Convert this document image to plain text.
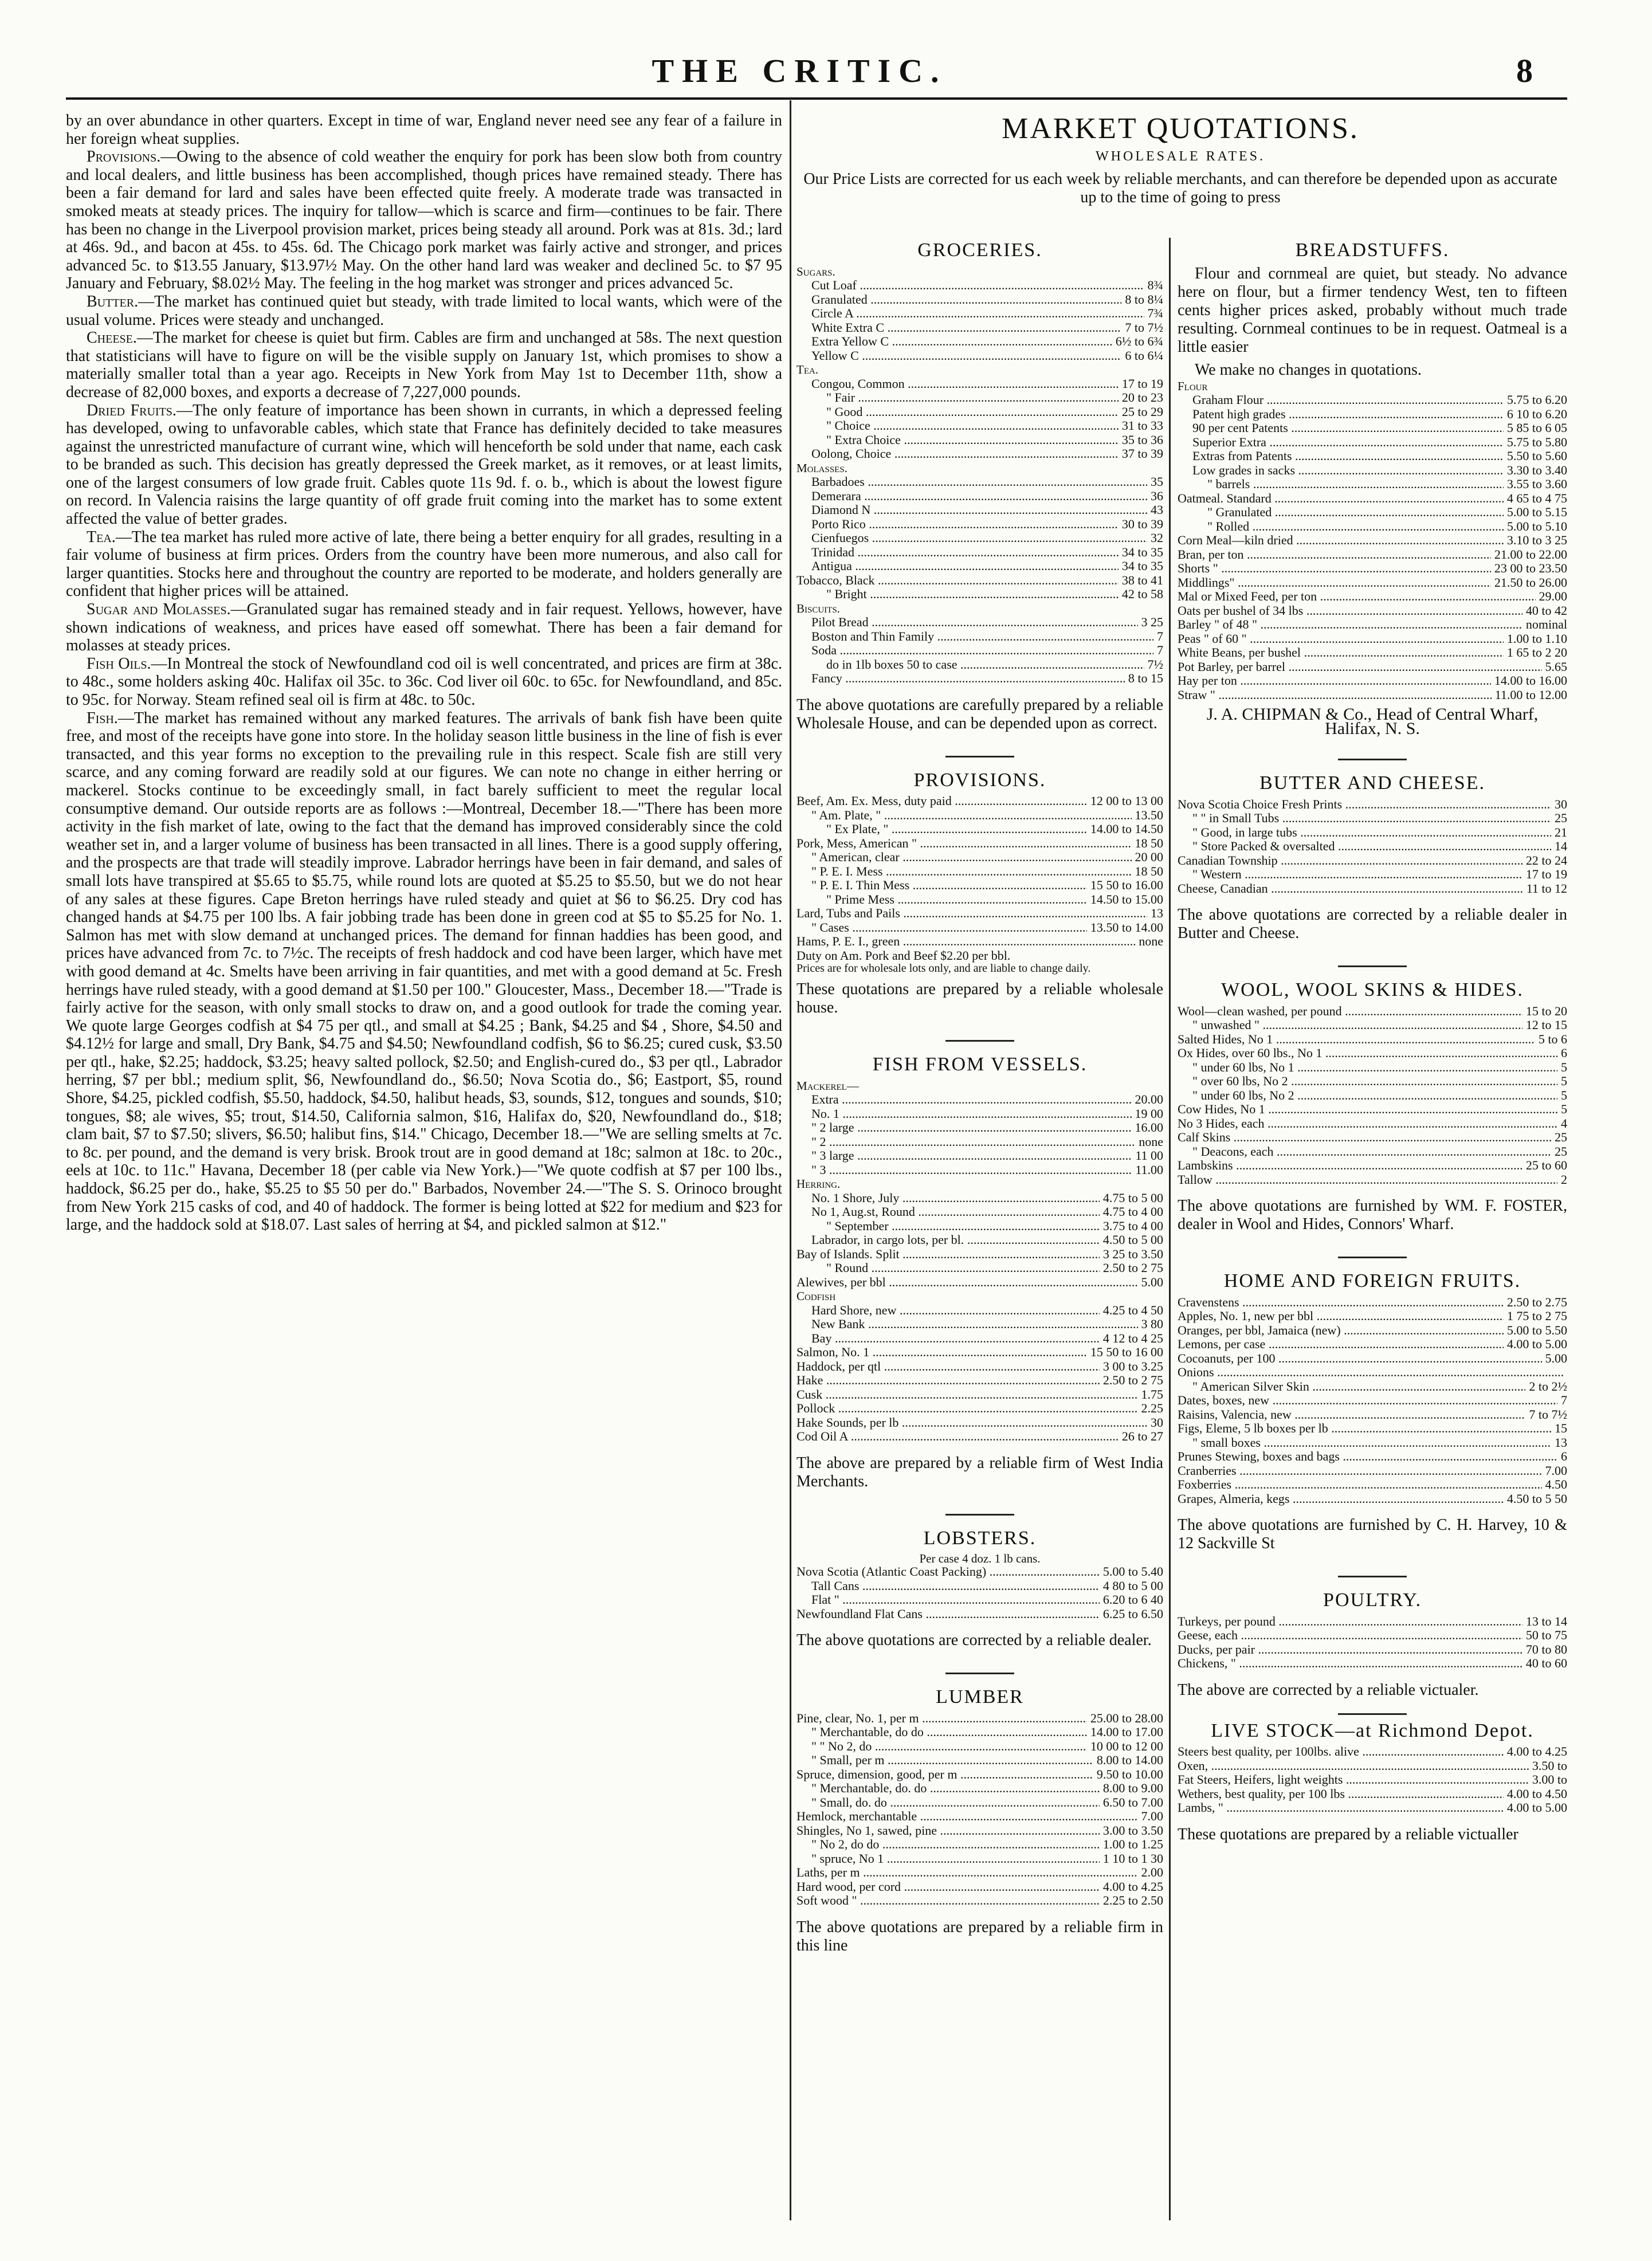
THE CRITIC.	8

by an over abundance in other quarters. Except in time of war, England never need see any fear of a failure in her foreign wheat supplies.

Provisions.—Owing to the absence of cold weather the enquiry for pork has been slow both from country and local dealers, and little business has been accomplished, though prices have remained steady. There has been a fair demand for lard and sales have been effected quite freely. A moderate trade was transacted in smoked meats at steady prices. The inquiry for tallow—which is scarce and firm—continues to be fair. There has been no change in the Liverpool provision market, prices being steady all around. Pork was at 81s. 3d.; lard at 46s. 9d., and bacon at 45s. to 45s. 6d. The Chicago pork market was fairly active and stronger, and prices advanced 5c. to $13.55 January, $13.97½ May. On the other hand lard was weaker and declined 5c. to $7 95 January and February, $8.02½ May. The feeling in the hog market was stronger and prices advanced 5c.

Butter.—The market has continued quiet but steady, with trade limited to local wants, which were of the usual volume. Prices were steady and unchanged.

Cheese.—The market for cheese is quiet but firm. Cables are firm and unchanged at 58s. The next question that statisticians will have to figure on will be the visible supply on January 1st, which promises to show a materially smaller total than a year ago. Receipts in New York from May 1st to December 11th, show a decrease of 82,000 boxes, and exports a decrease of 7,227,000 pounds.

Dried Fruits.—The only feature of importance has been shown in currants, in which a depressed feeling has developed, owing to unfavorable cables, which state that France has definitely decided to take measures against the unrestricted manufacture of currant wine, which will henceforth be sold under that name, each cask to be branded as such. This decision has greatly depressed the Greek market, as it removes, or at least limits, one of the largest consumers of low grade fruit. Cables quote 11s 9d. f. o. b., which is about the lowest figure on record. In Valencia raisins the large quantity of off grade fruit coming into the market has to some extent affected the value of better grades.

Tea.—The tea market has ruled more active of late, there being a better enquiry for all grades, resulting in a fair volume of business at firm prices. Orders from the country have been more numerous, and also call for larger quantities. Stocks here and throughout the country are reported to be moderate, and holders generally are confident that higher prices will be attained.

Sugar and Molasses.—Granulated sugar has remained steady and in fair request. Yellows, however, have shown indications of weakness, and prices have eased off somewhat. There has been a fair demand for molasses at steady prices.

Fish Oils.—In Montreal the stock of Newfoundland cod oil is well concentrated, and prices are firm at 38c. to 48c., some holders asking 40c. Halifax oil 35c. to 36c. Cod liver oil 60c. to 65c. for Newfoundland, and 85c. to 95c. for Norway. Steam refined seal oil is firm at 48c. to 50c.

Fish.—The market has remained without any marked features. The arrivals of bank fish have been quite free, and most of the receipts have gone into store. In the holiday season little business in the line of fish is ever transacted, and this year forms no exception to the prevailing rule in this respect. Scale fish are still very scarce, and any coming forward are readily sold at our figures. We can note no change in either herring or mackerel. Stocks continue to be exceedingly small, in fact barely sufficient to meet the regular local consumptive demand. Our outside reports are as follows :—Montreal, December 18.—"There has been more activity in the fish market of late, owing to the fact that the demand has improved considerably since the cold weather set in, and a larger volume of business has been transacted in all lines. There is a good supply offering, and the prospects are that trade will steadily improve. Labrador herrings have been in fair demand, and sales of small lots have transpired at $5.65 to $5.75, while round lots are quoted at $5.25 to $5.50, but we do not hear of any sales at these figures. Cape Breton herrings have ruled steady and quiet at $6 to $6.25. Dry cod has changed hands at $4.75 per 100 lbs. A fair jobbing trade has been done in green cod at $5 to $5.25 for No. 1. Salmon has met with slow demand at unchanged prices. The demand for finnan haddies has been good, and prices have advanced from 7c. to 7½c. The receipts of fresh haddock and cod have been larger, which have met with good demand at 4c. Smelts have been arriving in fair quantities, and met with a good demand at 5c. Fresh herrings have ruled steady, with a good demand at $1.50 per 100." Gloucester, Mass., December 18.—"Trade is fairly active for the season, with only small stocks to draw on, and a good outlook for trade the coming year. We quote large Georges codfish at $4 75 per qtl., and small at $4.25 ; Bank, $4.25 and $4 , Shore, $4.50 and $4.12½ for large and small, Dry Bank, $4.75 and $4.50; Newfoundland codfish, $6 to $6.25; cured cusk, $3.50 per qtl., hake, $2.25; haddock, $3.25; heavy salted pollock, $2.50; and English-cured do., $3 per qtl., Labrador herring, $7 per bbl.; medium split, $6, Newfoundland do., $6.50; Nova Scotia do., $6; Eastport, $5, round Shore, $4.25, pickled codfish, $5.50, haddock, $4.50, halibut heads, $3, sounds, $12, tongues and sounds, $10; tongues, $8; ale wives, $5; trout, $14.50, California salmon, $16, Halifax do, $20, Newfoundland do., $18; clam bait, $7 to $7.50; slivers, $6.50; halibut fins, $14." Chicago, December 18.—"We are selling smelts at 7c. to 8c. per pound, and the demand is very brisk. Brook trout are in good demand at 18c; salmon at 18c. to 20c., eels at 10c. to 11c." Havana, December 18 (per cable via New York.)—"We quote codfish at $7 per 100 lbs., haddock, $6.25 per do., hake, $5.25 to $5 50 per do." Barbados, November 24.—"The S. S. Orinoco brought from New York 215 casks of cod, and 40 of haddock. The former is being lotted at $22 for medium and $23 for large, and the haddock sold at $18.07. Last sales of herring at $4, and pickled salmon at $12."

MARKET QUOTATIONS.
WHOLESALE RATES.

Our Price Lists are corrected for us each week by reliable merchants, and can therefore be depended upon as accurate up to the time of going to press

GROCERIES.
Sugars.
Cut Loaf .....	8¾
Granulated .....	8 to 8¼
Circle A .....	7¾
White Extra C .....	7 to 7½
Extra Yellow C .....	6½ to 6¾
Yellow C .....	6 to 6¼
Tea.
Congou, Common .....	17 to 19
" Fair .....	20 to 23
" Good .....	25 to 29
" Choice .....	31 to 33
" Extra Choice .....	35 to 36
Oolong, Choice .....	37 to 39
Molasses.
Barbadoes .....	35
Demerara .....	36
Diamond N .....	43
Porto Rico .....	30 to 39
Cienfuegos .....	32
Trinidad .....	34 to 35
Antigua .....	34 to 35
Tobacco, Black .....	38 to 41
" Bright .....	42 to 58
Biscuits.
Pilot Bread .....	3 25
Boston and Thin Family .....	7
Soda .....	7
do in 1lb boxes 50 to case .....	7½
Fancy .....	8 to 15

The above quotations are carefully prepared by a reliable Wholesale House, and can be depended upon as correct.

PROVISIONS.
Beef, Am. Ex. Mess, duty paid .....	12 00 to 13 00
" Am. Plate, " .....	13.50
" Ex Plate, " .....	14.00 to 14.50
Pork, Mess, American " .....	18 50
" American, clear .....	20 00
" P. E. I. Mess .....	18 50
" P. E. I. Thin Mess .....	15 50 to 16.00
" Prime Mess .....	14.50 to 15.00
Lard, Tubs and Pails .....	13
" Cases .....	13.50 to 14.00
Hams, P. E. I., green .....	none
Duty on Am. Pork and Beef $2.20 per bbl.
Prices are for wholesale lots only, and are liable to change daily.

These quotations are prepared by a reliable wholesale house.

FISH FROM VESSELS.
Mackerel—
Extra .....	20.00
No. 1 .....	19 00
" 2 large .....	16.00
" 2 .....	none
" 3 large .....	11 00
" 3 .....	11.00
Herring.
No. 1 Shore, July .....	4.75 to 5 00
No 1, Aug.st, Round .....	4.75 to 4 00
" September .....	3.75 to 4 00
Labrador, in cargo lots, per bl. .....	4.50 to 5 00
Bay of Islands. Split .....	3 25 to 3.50
" Round .....	2.50 to 2 75
Alewives, per bbl .....	5.00
Codfish
Hard Shore, new .....	4.25 to 4 50
New Bank .....	3 80
Bay .....	4 12 to 4 25
Salmon, No. 1 .....	15 50 to 16 00
Haddock, per qtl .....	3 00 to 3.25
Hake .....	2.50 to 2 75
Cusk .....	1.75
Pollock .....	2.25
Hake Sounds, per lb .....	30
Cod Oil A .....	26 to 27

The above are prepared by a reliable firm of West India Merchants.

LOBSTERS.
Per case 4 doz. 1 lb cans.
Nova Scotia (Atlantic Coast Packing) .....	5.00 to 5.40
Tall Cans .....	4 80 to 5 00
Flat " .....	6.20 to 6 40
Newfoundland Flat Cans .....	6.25 to 6.50

The above quotations are corrected by a reliable dealer.

LUMBER
Pine, clear, No. 1, per m .....	25.00 to 28.00
" Merchantable, do do .....	14.00 to 17.00
" " No 2, do .....	10 00 to 12 00
" Small, per m .....	8.00 to 14.00
Spruce, dimension, good, per m .....	9.50 to 10.00
" Merchantable, do. do .....	8.00 to 9.00
" Small, do. do .....	6.50 to 7.00
Hemlock, merchantable .....	7.00
Shingles, No 1, sawed, pine .....	3.00 to 3.50
" No 2, do do .....	1.00 to 1.25
" spruce, No 1 .....	1 10 to 1 30
Laths, per m .....	2.00
Hard wood, per cord .....	4.00 to 4.25
Soft wood " .....	2.25 to 2.50

The above quotations are prepared by a reliable firm in this line

BREADSTUFFS.

Flour and cornmeal are quiet, but steady. No advance here on flour, but a firmer tendency West, ten to fifteen cents higher prices asked, probably without much trade resulting. Cornmeal continues to be in request. Oatmeal is a little easier

We make no changes in quotations.

Flour
Graham Flour .....	5.75 to 6.20
Patent high grades .....	6 10 to 6.20
90 per cent Patents .....	5 85 to 6 05
Superior Extra .....	5.75 to 5.80
Extras from Patents .....	5.50 to 5.60
Low grades in sacks .....	3.30 to 3.40
" barrels .....	3.55 to 3.60
Oatmeal. Standard .....	4 65 to 4 75
" Granulated .....	5.00 to 5.15
" Rolled .....	5.00 to 5.10
Corn Meal—kiln dried .....	3.10 to 3 25
Bran, per ton .....	21.00 to 22.00
Shorts " .....	23 00 to 23.50
Middlings" .....	21.50 to 26.00
Mal or Mixed Feed, per ton .....	29.00
Oats per bushel of 34 lbs .....	40 to 42
Barley " of 48 " .....	nominal
Peas " of 60 " .....	1.00 to 1.10
White Beans, per bushel .....	1 65 to 2 20
Pot Barley, per barrel .....	5.65
Hay per ton .....	14.00 to 16.00
Straw " .....	11.00 to 12.00
J. A. CHIPMAN & Co., Head of Central Wharf, Halifax, N. S.
BUTTER AND CHEESE.
Nova Scotia Choice Fresh Prints .....	30
" " in Small Tubs .....	25
" Good, in large tubs .....	21
" Store Packed & oversalted .....	14
Canadian Township .....	22 to 24
" Western .....	17 to 19
Cheese, Canadian .....	11 to 12

The above quotations are corrected by a reliable dealer in Butter and Cheese.

WOOL, WOOL SKINS & HIDES.
Wool—clean washed, per pound .....	15 to 20
" unwashed " .....	12 to 15
Salted Hides, No 1 .....	5 to 6
Ox Hides, over 60 lbs., No 1 .....	6
" under 60 lbs, No 1 .....	5
" over 60 lbs, No 2 .....	5
" under 60 lbs, No 2 .....	5
Cow Hides, No 1 .....	5
No 3 Hides, each .....	4
Calf Skins .....	25
" Deacons, each .....	25
Lambskins .....	25 to 60
Tallow .....	2

The above quotations are furnished by WM. F. FOSTER, dealer in Wool and Hides, Connors' Wharf.

HOME AND FOREIGN FRUITS.
Cravenstens .....	2.50 to 2.75
Apples, No. 1, new per bbl .....	1 75 to 2 75
Oranges, per bbl, Jamaica (new) .....	5.00 to 5.50
Lemons, per case .....	4.00 to 5.00
Cocoanuts, per 100 .....	5.00
Onions .....
" American Silver Skin .....	2 to 2½
Dates, boxes, new .....	7
Raisins, Valencia, new .....	7 to 7½
Figs, Eleme, 5 lb boxes per lb .....	15
" small boxes .....	13
Prunes Stewing, boxes and bags .....	6
Cranberries .....	7.00
Foxberries .....	4.50
Grapes, Almeria, kegs .....	4.50 to 5 50

The above quotations are furnished by C. H. Harvey, 10 & 12 Sackville St

POULTRY.
Turkeys, per pound .....	13 to 14
Geese, each .....	50 to 75
Ducks, per pair .....	70 to 80
Chickens, " .....	40 to 60

The above are corrected by a reliable victualer.

LIVE STOCK—at Richmond Depot.
Steers best quality, per 100lbs. alive .....	4.00 to 4.25
Oxen, .....	3.50 to
Fat Steers, Heifers, light weights .....	3.00 to
Wethers, best quality, per 100 lbs .....	4.00 to 4.50
Lambs, " .....	4.00 to 5.00

These quotations are prepared by a reliable victualler
